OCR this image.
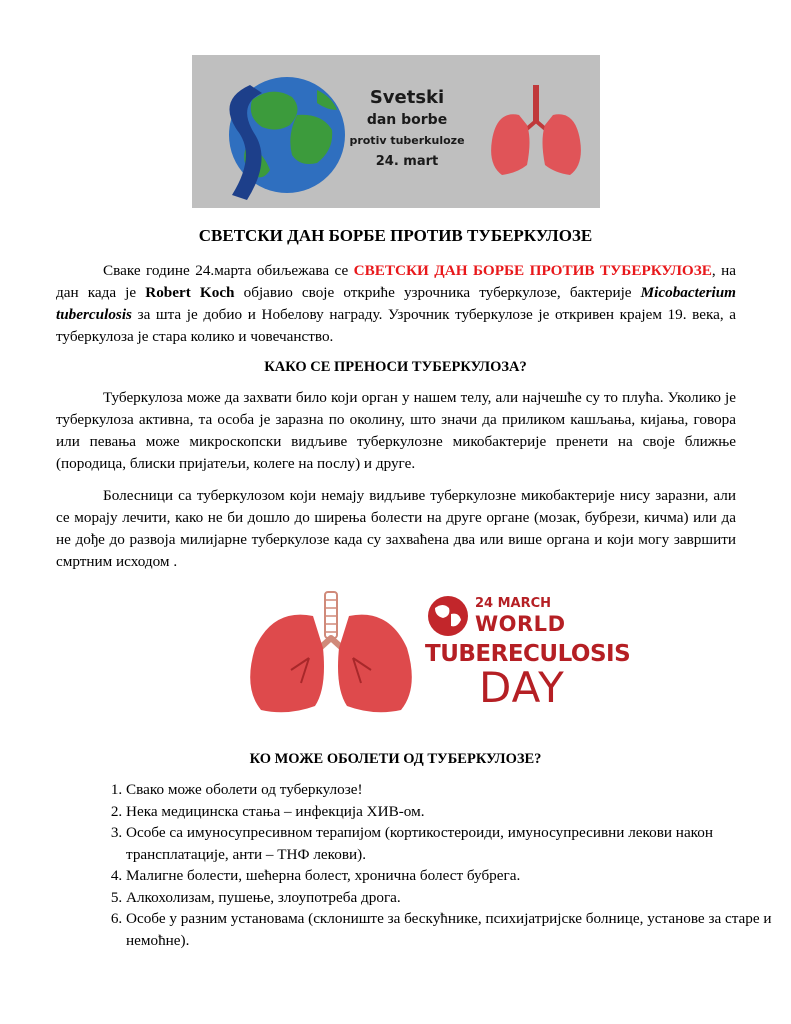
Svetski
dan borbe
protiv tuberkuloze
24. mart
СВЕТСКИ ДАН БОРБЕ ПРОТИВ ТУБЕРКУЛОЗЕ

Сваке године 24.марта обиљежава се СВЕТСКИ ДАН БОРБЕ ПРОТИВ ТУБЕРКУЛОЗЕ, на дан када је Robert Koch објавио своје откриће узрочника туберкулозе, бактерије Micobacterium tuberculosis за шта је добио и Нобелову награду. Узрочник туберкулозе је откривен крајем 19. века, а туберкулоза је стара колико и човечанство.

КАКО СЕ ПРЕНОСИ ТУБЕРКУЛОЗА?

Туберкулоза може да захвати било који орган у нашем телу, али најчешће су то плућа. Уколико је туберкулоза активна, та особа је заразна по околину, што значи да приликом кашљања, кијања, говора или певања може микроскопски видљиве туберкулозне микобактерије пренети на своје ближње (породица, блиски пријатељи, колеге на послу) и друге.

Болесници са туберкулозом који немају видљиве туберкулозне микобактерије нису заразни, али се морају лечити, како не би дошло до ширења болести на друге органе (мозак, бубрези, кичма) или да не дође до развоја милијарне туберкулозе када су захваћена два или више органа и који могу завршити смртним исходом .

24 MARCH
WORLD
TUBERECULOSIS
DAY
КО МОЖЕ ОБОЛЕТИ ОД ТУБЕРКУЛОЗЕ?
1. Свако може оболети од туберкулозе!
2. Нека медицинска стања – инфекција ХИВ-ом.
3. Особе са имуносупресивном терапијом (кортикостероиди, имуносупресивни лекови након трансплатације, анти – ТНФ лекови).
4. Малигне болести, шећерна болест, хронична болест бубрега.
5. Алкохолизам, пушење, злоупотреба дрога.
6. Особе у разним установама (склониште за бескућнике, психијатријске болнице, установе за старе и немоћне).
